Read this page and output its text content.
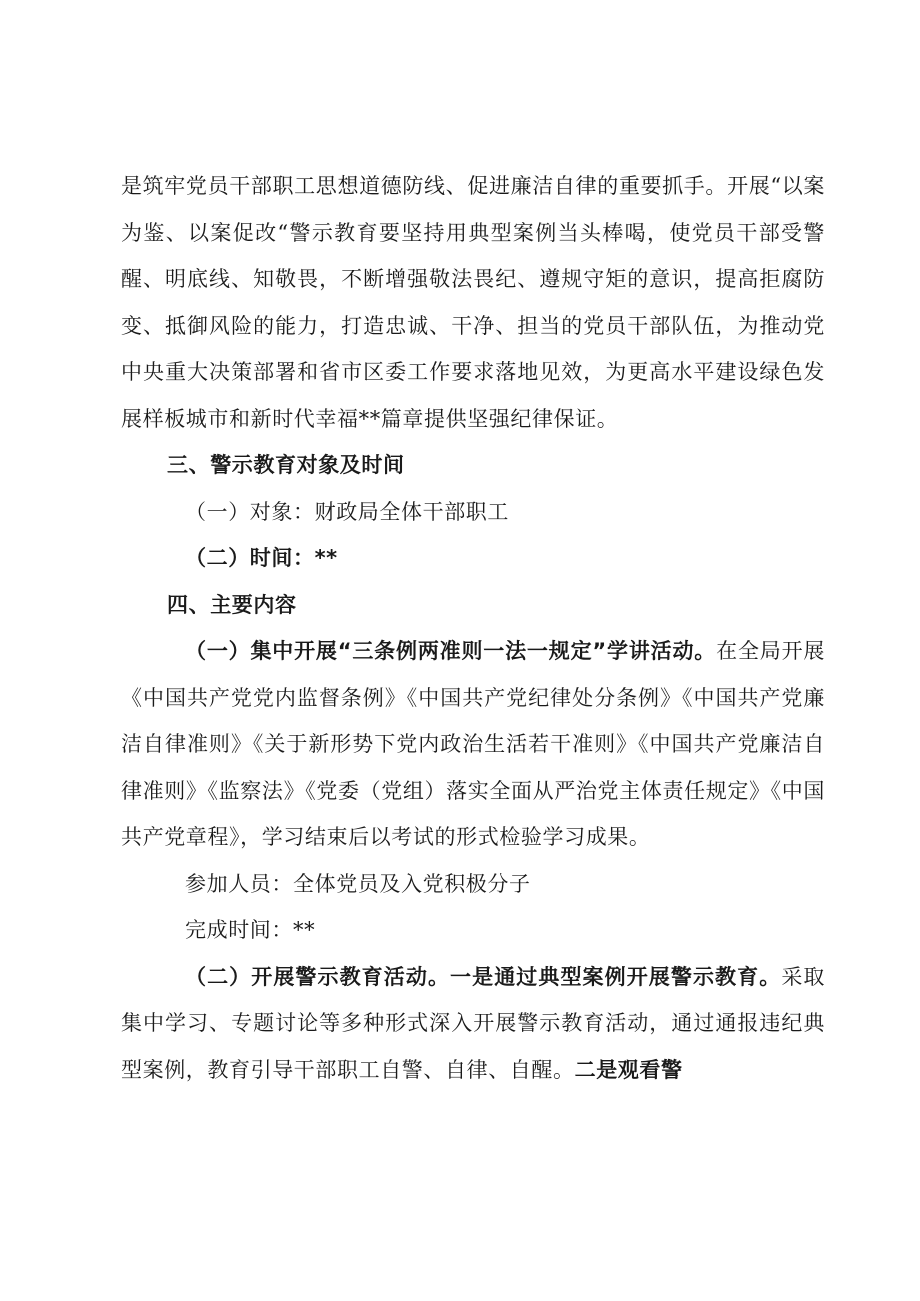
是筑牢党员干部职工思想道德防线、促进廉洁自律的重要抓手。开展“以案为鉴、以案促改“警示教育要坚持用典型案例当头棒喝，使党员干部受警醒、明底线、知敬畏，不断增强敬法畏纪、遵规守矩的意识，提高拒腐防变、抵御风险的能力，打造忠诚、干净、担当的党员干部队伍，为推动党中央重大决策部署和省市区委工作要求落地见效，为更高水平建设绿色发展样板城市和新时代幸福**篇章提供坚强纪律保证。

三、警示教育对象及时间

（一）对象：财政局全体干部职工

（二）时间：**

四、主要内容

（一）集中开展“三条例两准则一法一规定”学讲活动。在全局开展《中国共产党党内监督条例》《中国共产党纪律处分条例》《中国共产党廉洁自律准则》《关于新形势下党内政治生活若干准则》《中国共产党廉洁自律准则》《监察法》《党委（党组）落实全面从严治党主体责任规定》《中国共产党章程》，学习结束后以考试的形式检验学习成果。

参加人员：全体党员及入党积极分子

完成时间：**

（二）开展警示教育活动。一是通过典型案例开展警示教育。采取集中学习、专题讨论等多种形式深入开展警示教育活动，通过通报违纪典型案例，教育引导干部职工自警、自律、自醒。二是观看警
